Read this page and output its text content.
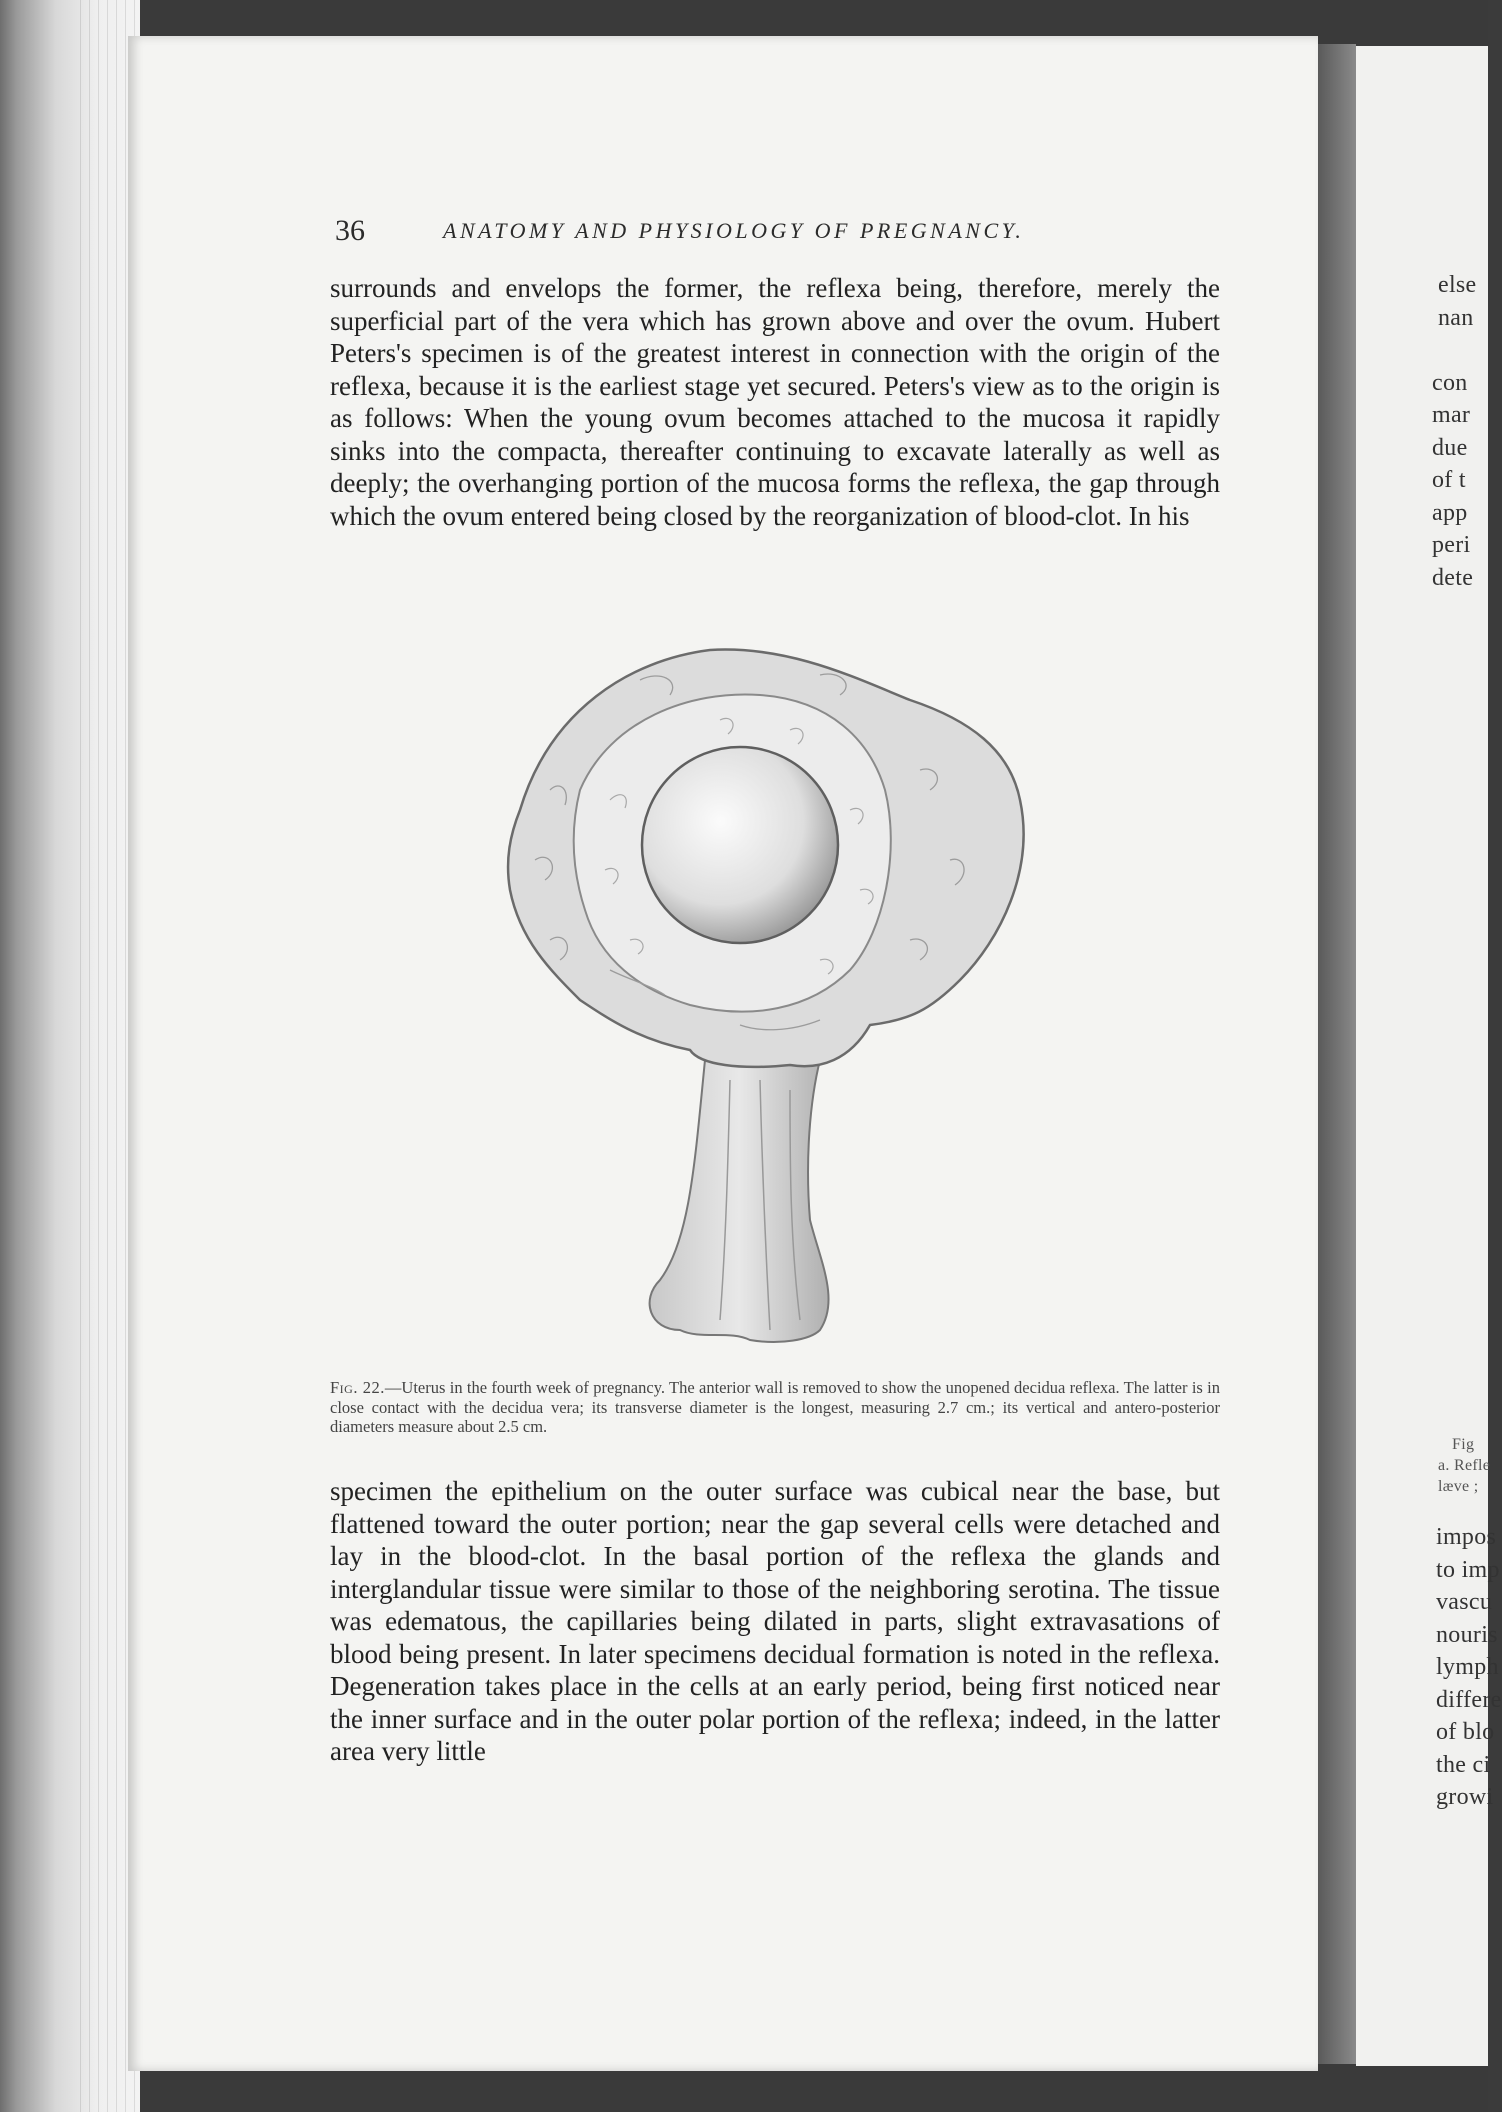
else
nan
con
mar
due
of t
app
peri
dete
Fig
a. Refle
læve ;
impos
to imp
vascu
nouris
lymph
differe
of blo
the ci
growi
36	ANATOMY AND PHYSIOLOGY OF PREGNANCY.

surrounds and envelops the former, the reflexa being, therefore, merely the superficial part of the vera which has grown above and over the ovum. Hubert Peters's specimen is of the greatest interest in connection with the origin of the reflexa, because it is the earliest stage yet secured. Peters's view as to the origin is as follows: When the young ovum becomes attached to the mucosa it rapidly sinks into the compacta, thereafter continuing to excavate laterally as well as deeply; the overhanging portion of the mucosa forms the reflexa, the gap through which the ovum entered being closed by the reorganization of blood-clot. In his

Fig. 22.—Uterus in the fourth week of pregnancy. The anterior wall is removed to show the unopened decidua reflexa. The latter is in close contact with the decidua vera; its transverse diameter is the longest, measuring 2.7 cm.; its vertical and antero-posterior diameters measure about 2.5 cm.

specimen the epithelium on the outer surface was cubical near the base, but flattened toward the outer portion; near the gap several cells were detached and lay in the blood-clot. In the basal portion of the reflexa the glands and interglandular tissue were similar to those of the neighboring serotina. The tissue was edematous, the capillaries being dilated in parts, slight extravasations of blood being present. In later specimens decidual formation is noted in the reflexa. Degeneration takes place in the cells at an early period, being first noticed near the inner surface and in the outer polar portion of the reflexa; indeed, in the latter area very little
